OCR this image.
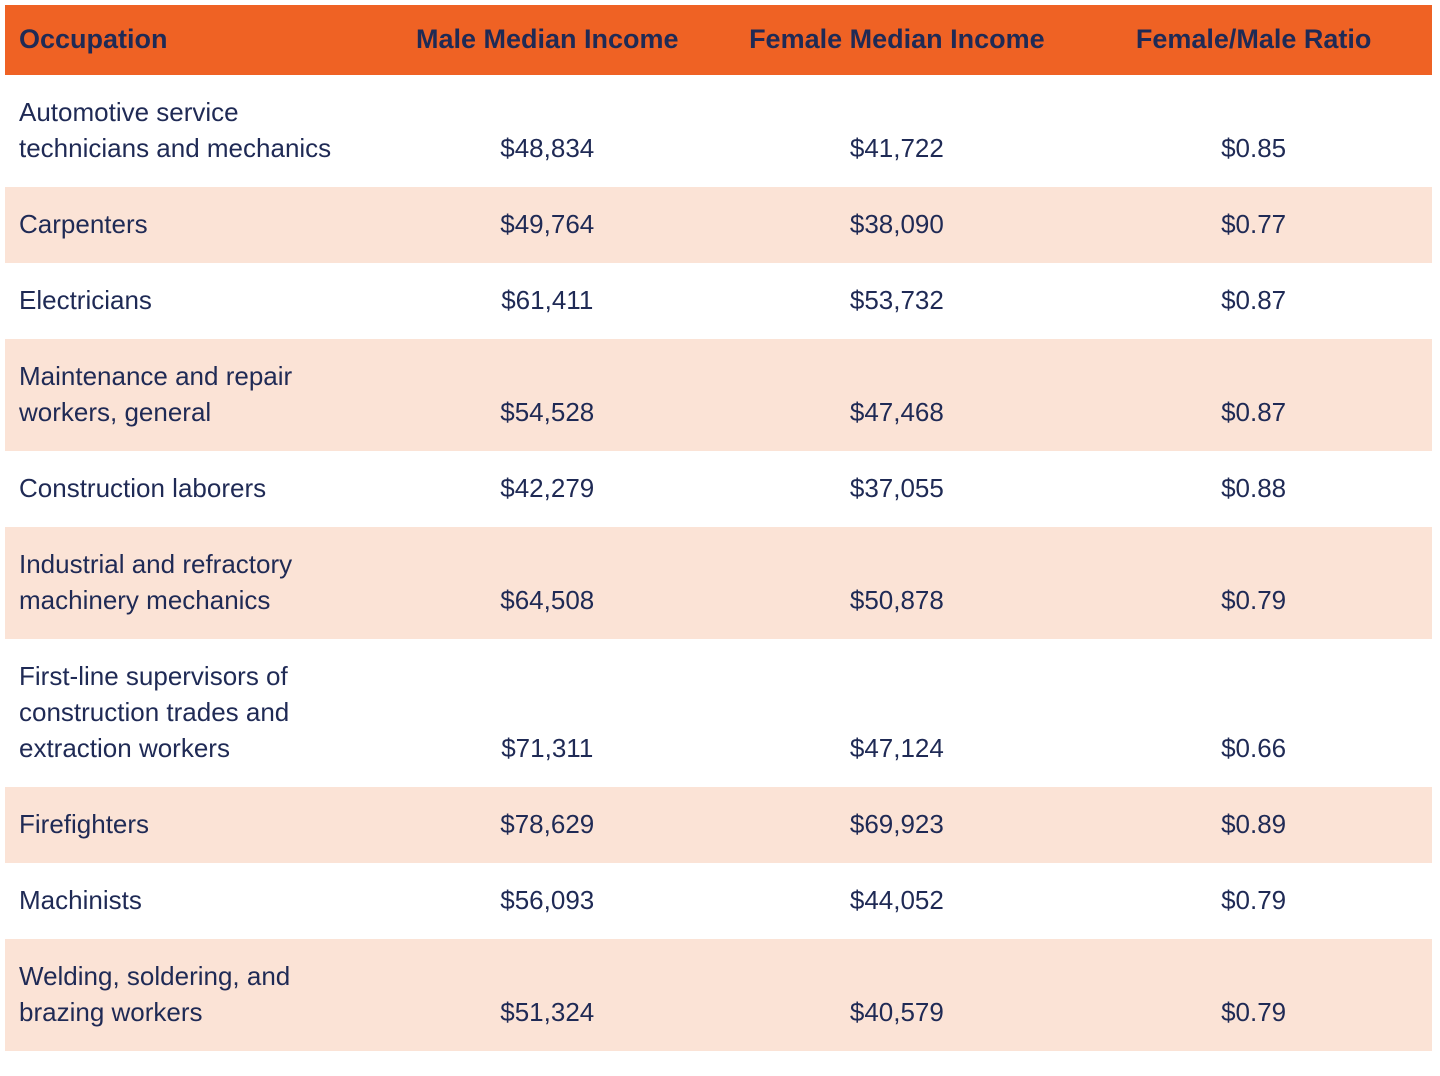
Occupation	Male Median Income	Female Median Income	Female/Male Ratio
Automotive service technicians and mechanics	$48,834	$41,722	$0.85
Carpenters	$49,764	$38,090	$0.77
Electricians	$61,411	$53,732	$0.87
Maintenance and repair workers, general	$54,528	$47,468	$0.87
Construction laborers	$42,279	$37,055	$0.88
Industrial and refractory machinery mechanics	$64,508	$50,878	$0.79
First-line supervisors of construction trades and extraction workers	$71,311	$47,124	$0.66
Firefighters	$78,629	$69,923	$0.89
Machinists	$56,093	$44,052	$0.79
Welding, soldering, and brazing workers	$51,324	$40,579	$0.79
